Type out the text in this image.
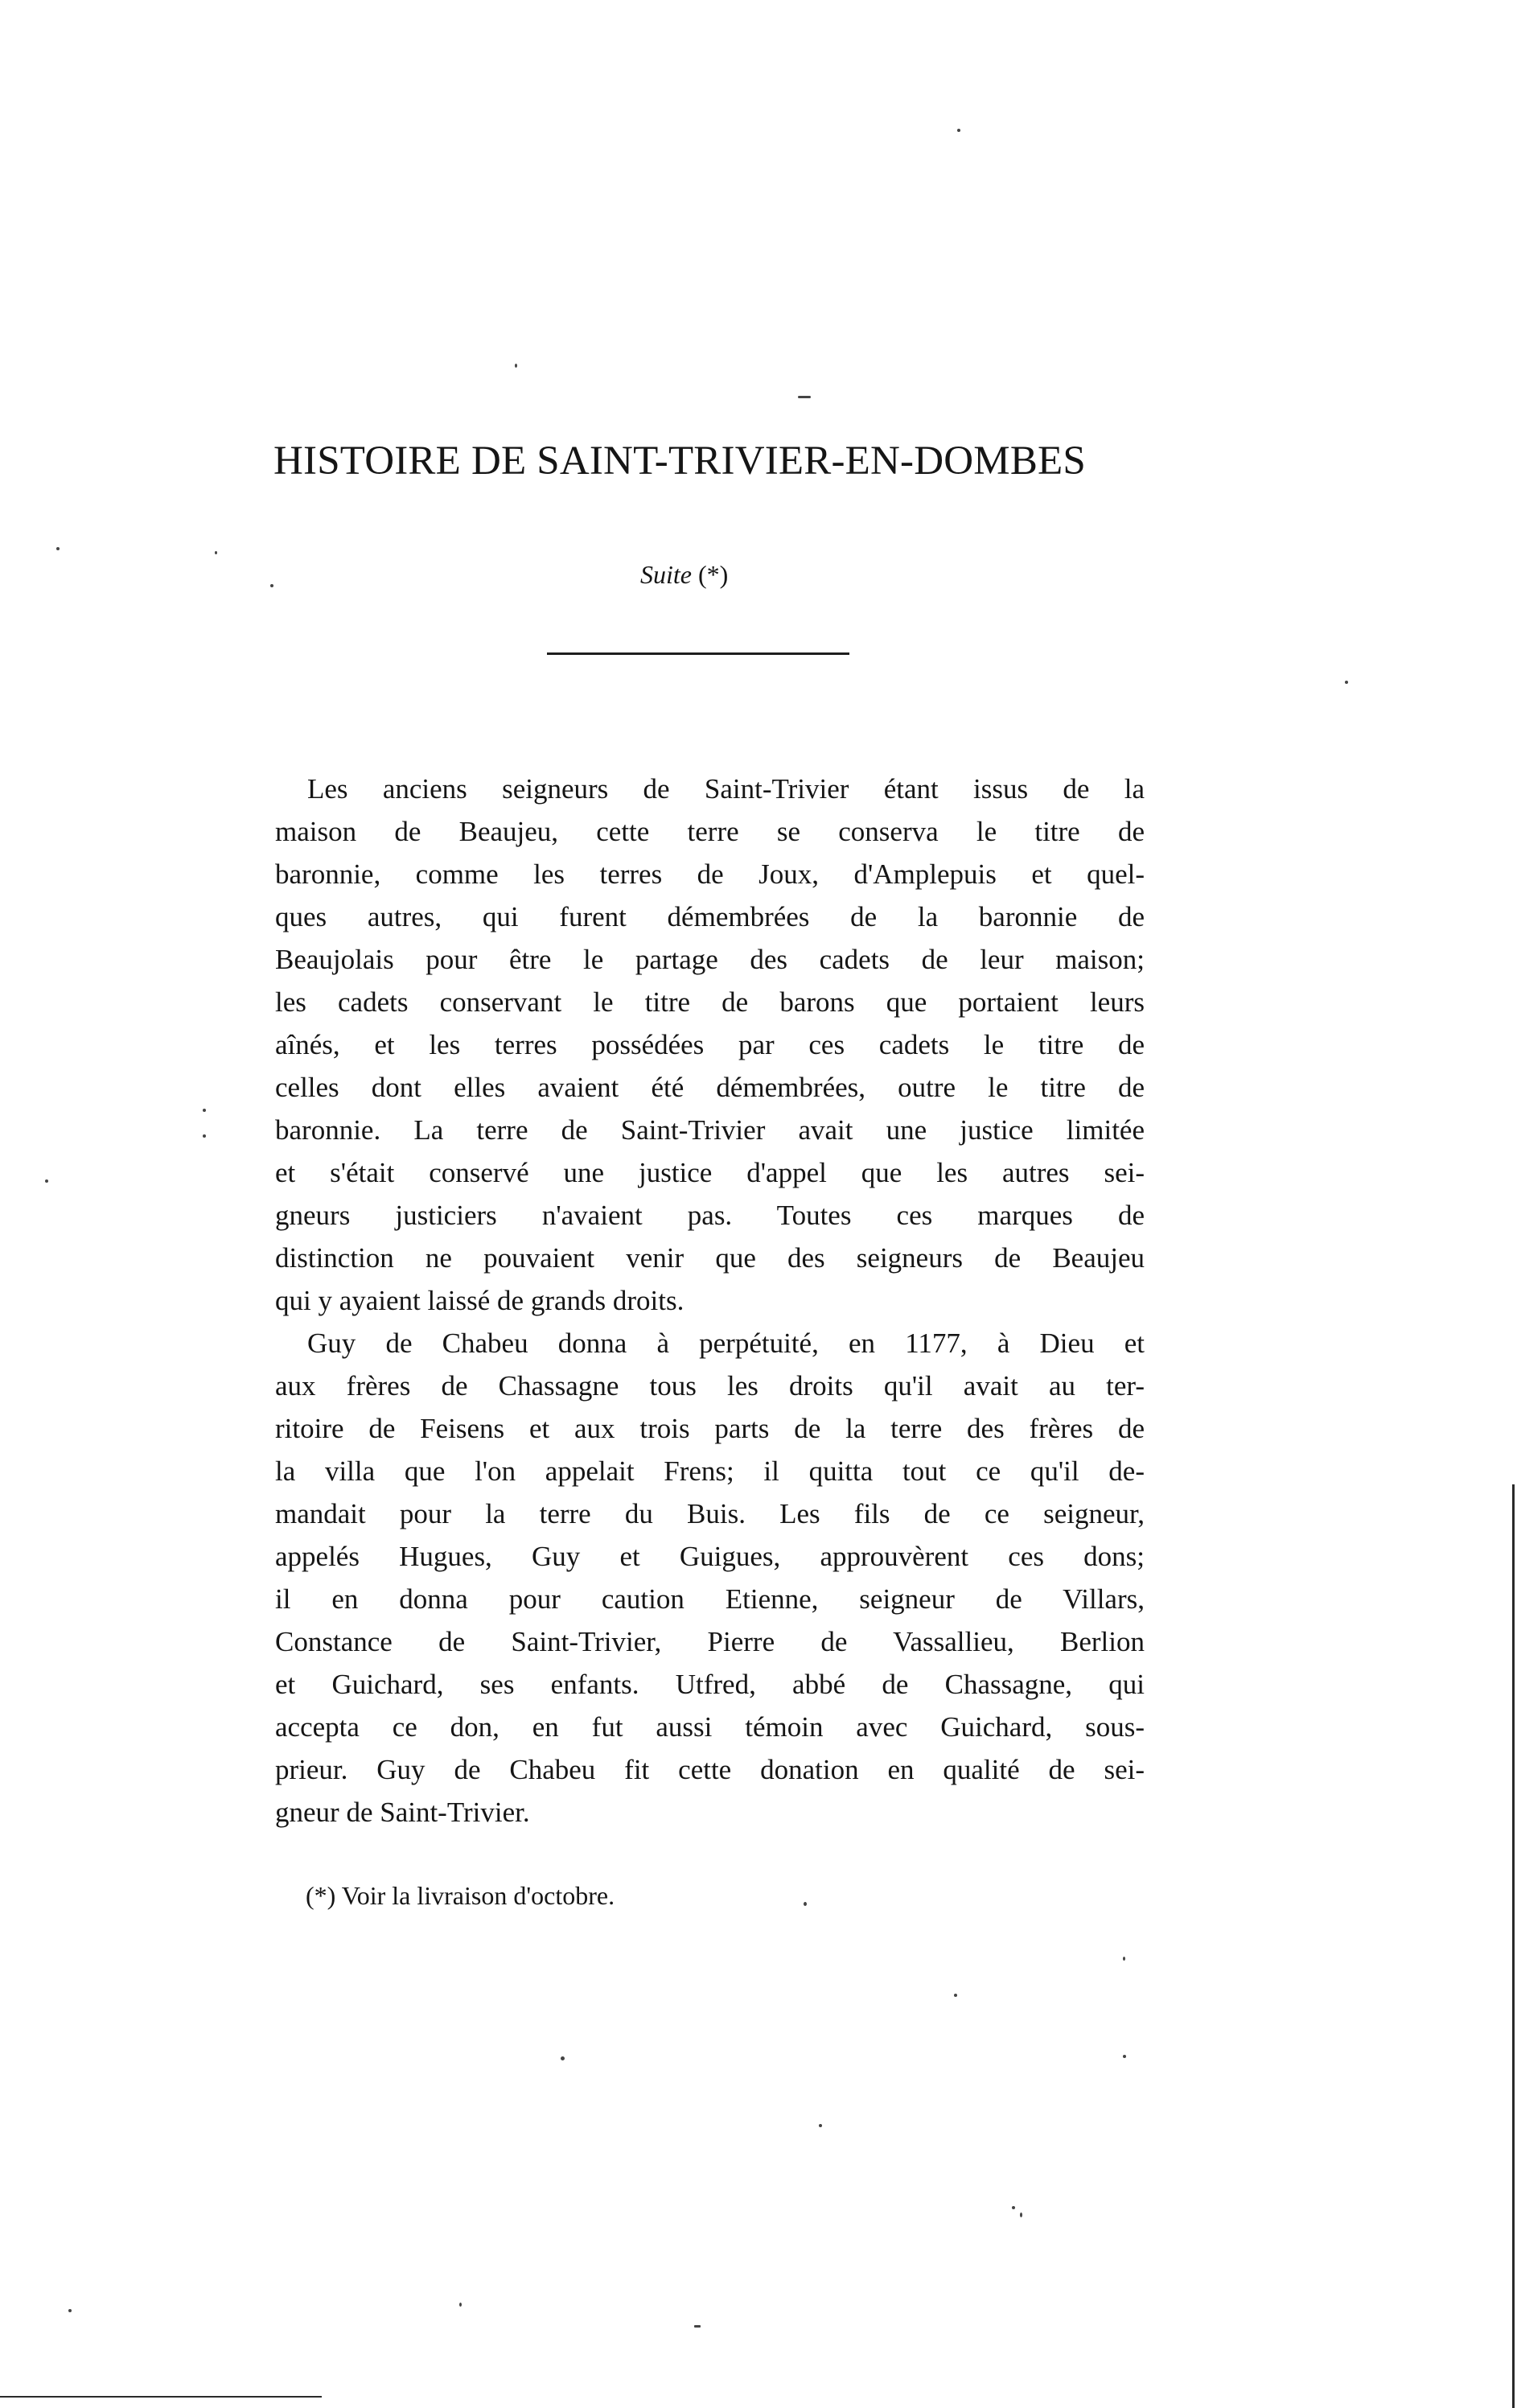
HISTOIRE DE SAINT-TRIVIER-EN-DOMBES
Suite (*)
Les anciens seigneurs de Saint-Trivier étant issus de la
maison de Beaujeu, cette terre se conserva le titre de
baronnie, comme les terres de Joux, d'Amplepuis et quel-
ques autres, qui furent démembrées de la baronnie de
Beaujolais pour être le partage des cadets de leur maison;
les cadets conservant le titre de barons que portaient leurs
aînés, et les terres possédées par ces cadets le titre de
celles dont elles avaient été démembrées, outre le titre de
baronnie. La terre de Saint-Trivier avait une justice limitée
et s'était conservé une justice d'appel que les autres sei-
gneurs justiciers n'avaient pas. Toutes ces marques de
distinction ne pouvaient venir que des seigneurs de Beaujeu
qui y ayaient laissé de grands droits.
Guy de Chabeu donna à perpétuité, en 1177, à Dieu et
aux frères de Chassagne tous les droits qu'il avait au ter-
ritoire de Feisens et aux trois parts de la terre des frères de
la villa que l'on appelait Frens; il quitta tout ce qu'il de-
mandait pour la terre du Buis. Les fils de ce seigneur,
appelés Hugues, Guy et Guigues, approuvèrent ces dons;
il en donna pour caution Etienne, seigneur de Villars,
Constance de Saint-Trivier, Pierre de Vassallieu, Berlion
et Guichard, ses enfants. Utfred, abbé de Chassagne, qui
accepta ce don, en fut aussi témoin avec Guichard, sous-
prieur. Guy de Chabeu fit cette donation en qualité de sei-
gneur de Saint-Trivier.
(*) Voir la livraison d'octobre.
